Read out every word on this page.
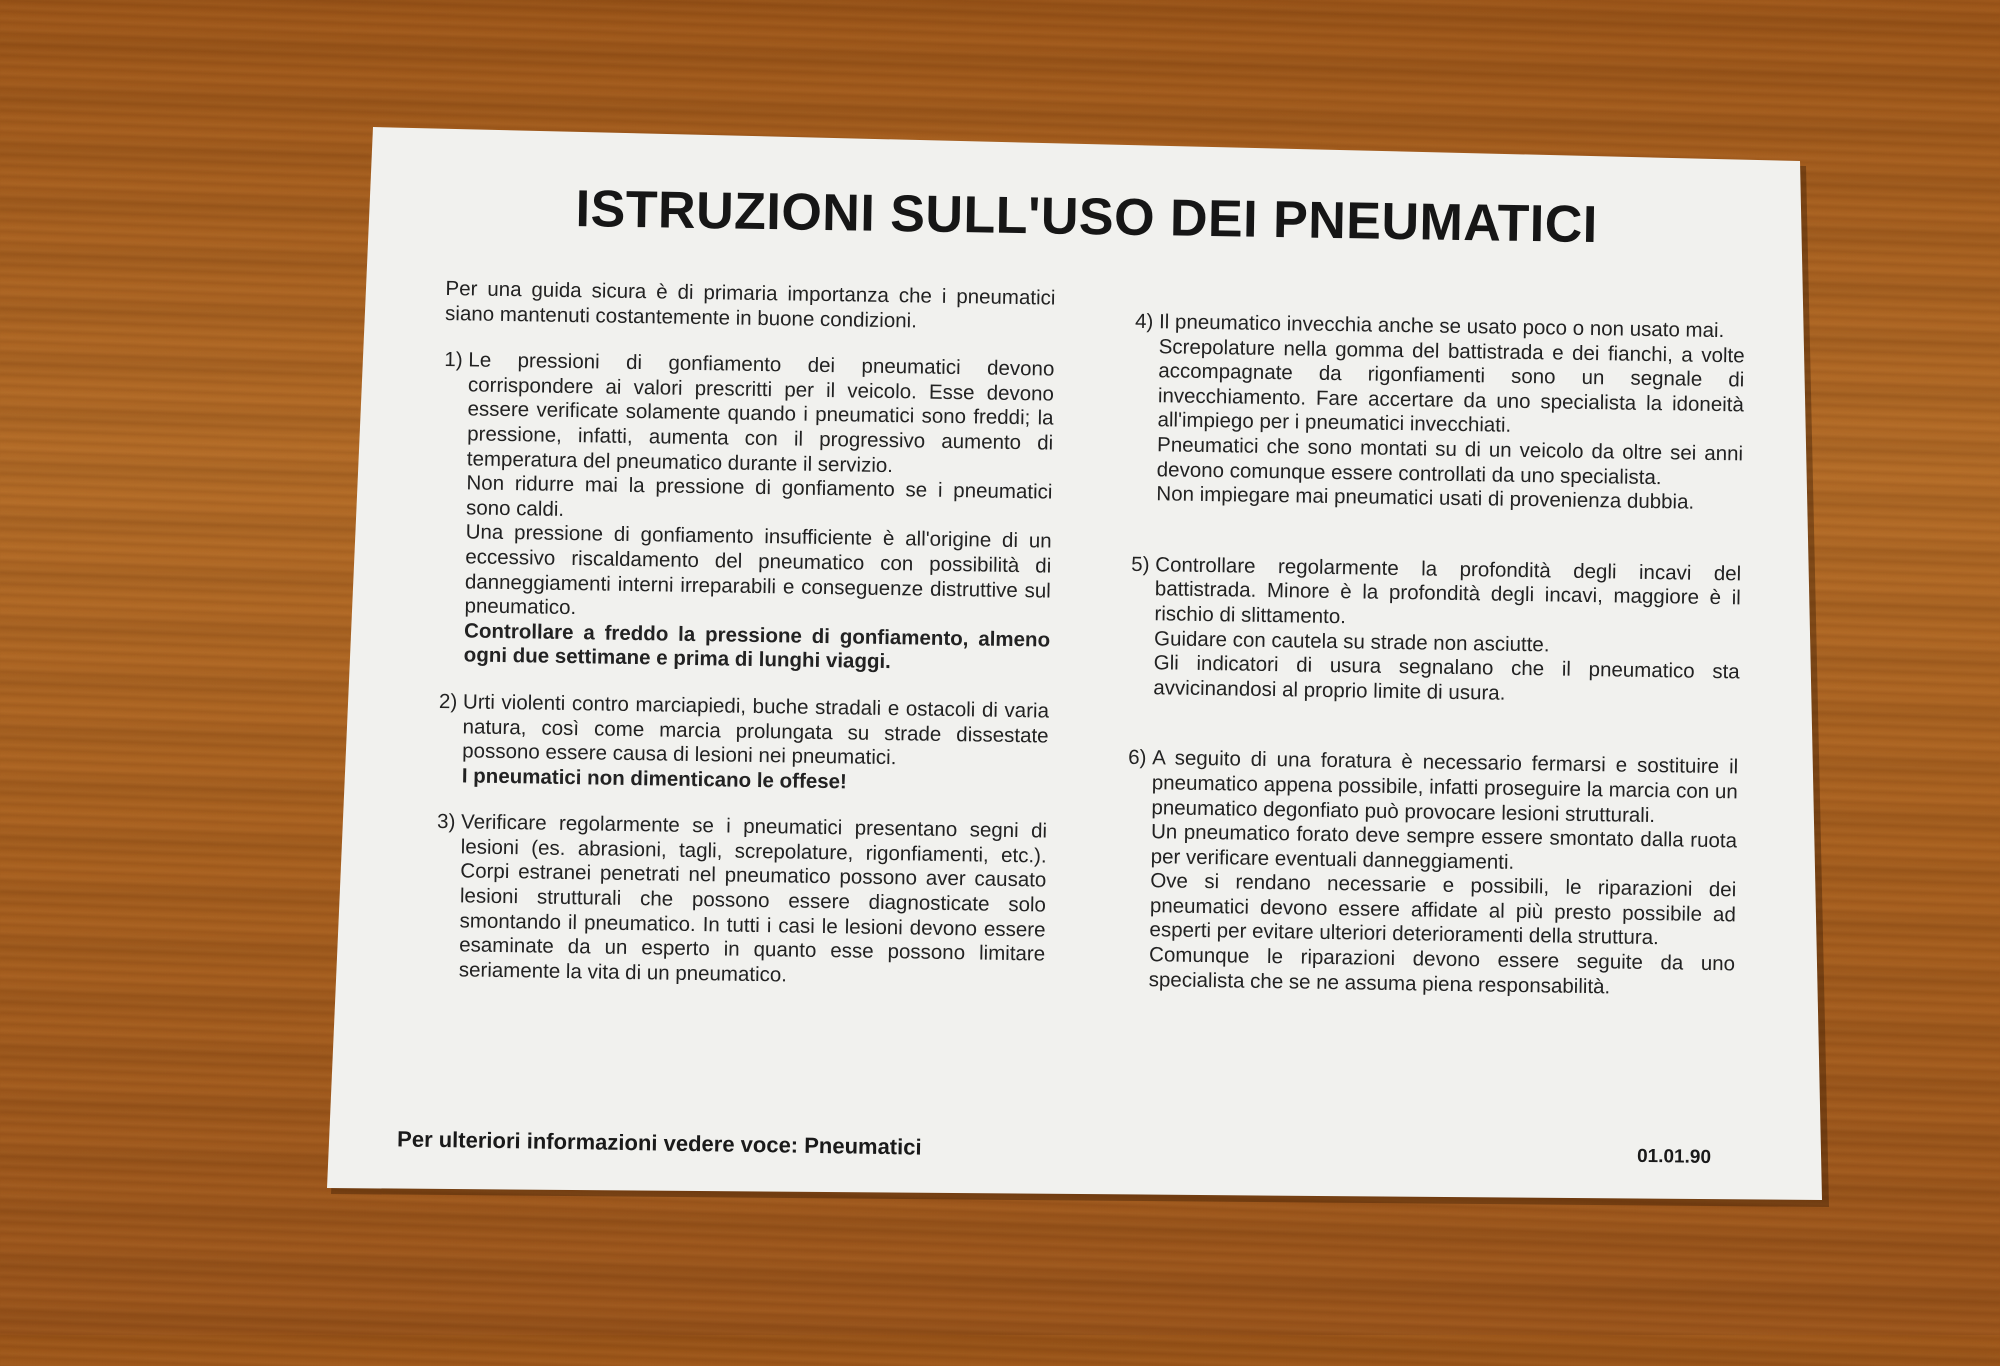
ISTRUZIONI SULL'USO DEI PNEUMATICI

Per una guida sicura è di primaria importanza che i pneumatici siano mantenuti costantemente in buone condizioni.

1) Le pressioni di gonfiamento dei pneumatici devono corrispondere ai valori prescritti per il veicolo. Esse devono essere verificate solamente quando i pneumatici sono freddi; la pressione, infatti, aumenta con il progressivo aumento di temperatura del pneumatico durante il servizio.

Non ridurre mai la pressione di gonfiamento se i pneumatici sono caldi.

Una pressione di gonfiamento insufficiente è all'origine di un eccessivo riscaldamento del pneumatico con possibilità di danneggiamenti interni irreparabili e conseguenze distruttive sul pneumatico.

Controllare a freddo la pressione di gonfiamento, almeno ogni due settimane e prima di lunghi viaggi.

2) Urti violenti contro marciapiedi, buche stradali e ostacoli di varia natura, così come marcia prolungata su strade dissestate possono essere causa di lesioni nei pneumatici.

I pneumatici non dimenticano le offese!

3) Verificare regolarmente se i pneumatici presentano segni di lesioni (es. abrasioni, tagli, screpolature, rigonfiamenti, etc.). Corpi estranei penetrati nel pneumatico possono aver causato lesioni strutturali che possono essere diagnosticate solo smontando il pneumatico. In tutti i casi le lesioni devono essere esaminate da un esperto in quanto esse possono limitare seriamente la vita di un pneumatico.

4) Il pneumatico invecchia anche se usato poco o non usato mai.

Screpolature nella gomma del battistrada e dei fianchi, a volte accompagnate da rigonfiamenti sono un segnale di invecchiamento. Fare accertare da uno specialista la idoneità all'impiego per i pneumatici invecchiati.

Pneumatici che sono montati su di un veicolo da oltre sei anni devono comunque essere controllati da uno specialista.

Non impiegare mai pneumatici usati di provenienza dubbia.

5) Controllare regolarmente la profondità degli incavi del battistrada. Minore è la profondità degli incavi, maggiore è il rischio di slittamento.

Guidare con cautela su strade non asciutte.

Gli indicatori di usura segnalano che il pneumatico sta avvicinandosi al proprio limite di usura.

6) A seguito di una foratura è necessario fermarsi e sostituire il pneumatico appena possibile, infatti proseguire la marcia con un pneumatico degonfiato può provocare lesioni strutturali.

Un pneumatico forato deve sempre essere smontato dalla ruota per verificare eventuali danneggiamenti.

Ove si rendano necessarie e possibili, le riparazioni dei pneumatici devono essere affidate al più presto possibile ad esperti per evitare ulteriori deterioramenti della struttura.

Comunque le riparazioni devono essere seguite da uno specialista che se ne assuma piena responsabilità.

Per ulteriori informazioni vedere voce: Pneumatici	01.01.90
